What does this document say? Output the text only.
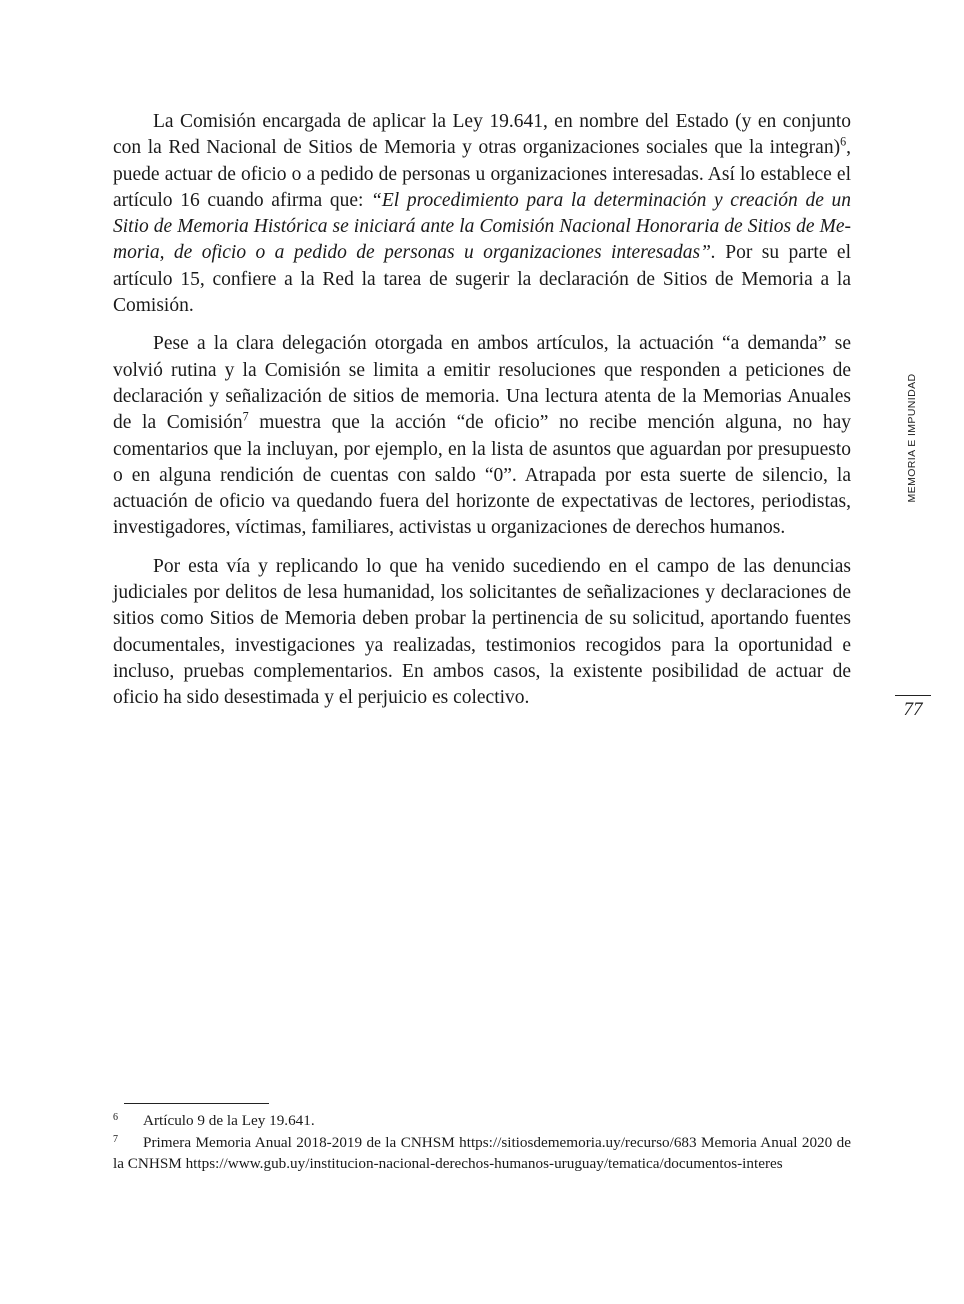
La Comisión encargada de aplicar la Ley 19.641, en nombre del Estado (y en conjunto con la Red Nacional de Sitios de Memoria y otras organizaciones sociales que la integran)$^6$, puede actuar de oficio o a pedido de personas u organizaciones interesadas. Así lo establece el artículo 16 cuando afirma que: “El procedimiento para la determinación y creación de un Sitio de Memoria Histórica se iniciará ante la Comisión Nacional Honoraria de Sitios de Memoria, de oficio o a pedido de personas u organizaciones interesadas”. Por su parte el artículo 15, confiere a la Red la tarea de sugerir la declaración de Sitios de Memoria a la Comisión.

Pese a la clara delegación otorgada en ambos artículos, la actuación “a demanda” se volvió rutina y la Comisión se limita a emitir resoluciones que responden a peticiones de declaración y señalización de sitios de memoria. Una lectura atenta de la Memorias Anuales de la Comisión$^7$ muestra que la acción “de oficio” no recibe mención alguna, no hay comentarios que la incluyan, por ejemplo, en la lista de asuntos que aguardan por presupuesto o en alguna rendición de cuentas con saldo “0”. Atrapada por esta suerte de silencio, la actuación de oficio va quedando fuera del horizonte de expectativas de lectores, periodistas, investigadores, víctimas, familiares, activistas u organizaciones de derechos humanos.

Por esta vía y replicando lo que ha venido sucediendo en el campo de las denuncias judiciales por delitos de lesa humanidad, los solicitantes de señalizaciones y declaraciones de sitios como Sitios de Memoria deben probar la pertinencia de su solicitud, aportando fuentes documentales, investigaciones ya realizadas, testimonios recogidos para la oportunidad e incluso, pruebas complementarios. En ambos casos, la existente posibilidad de actuar de oficio ha sido desestimada y el perjuicio es colectivo.

MEMORIA E IMPUNIDAD
77

6 Artículo 9 de la Ley 19.641.

7 Primera Memoria Anual 2018-2019 de la CNHSM https://sitiosdememoria.uy/recurso/683 Memoria Anual 2020 de la CNHSM https://www.gub.uy/institucion-nacional-derechos-humanos-uruguay/tematica/documentos-interes
